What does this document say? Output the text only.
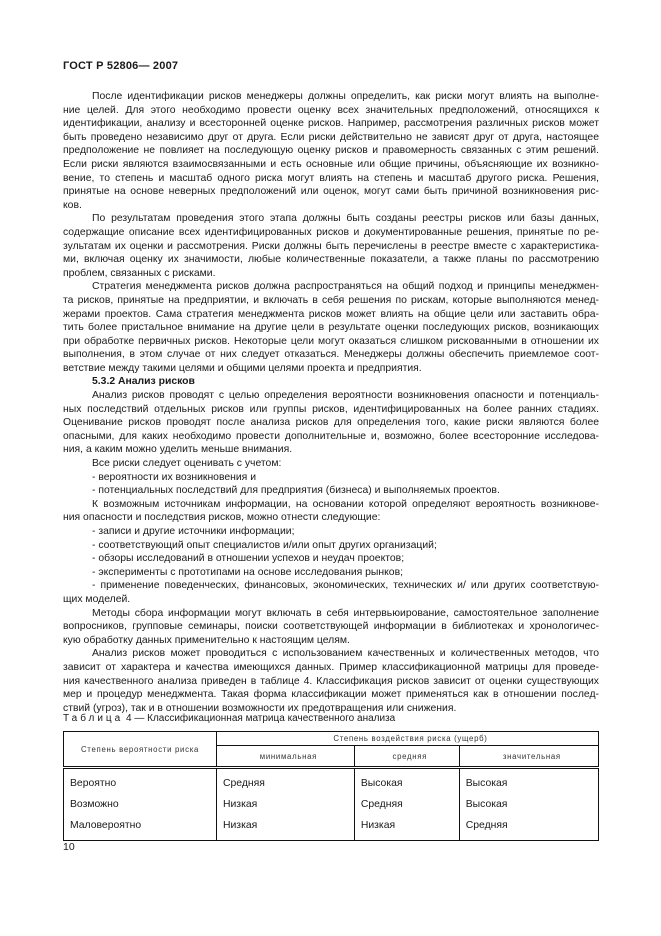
ГОСТ Р 52806— 2007
После идентификации рисков менеджеры должны определить, как риски могут влиять на выполне-
ние целей. Для этого необходимо провести оценку всех значительных предположений, относящихся к
идентификации, анализу и всесторонней оценке рисков. Например, рассмотрения различных рисков может
быть проведено независимо друг от друга. Если риски действительно не зависят друг от друга, настоящее
предположение не повлияет на последующую оценку рисков и правомерность связанных с этим решений.
Если риски являются взаимосвязанными и есть основные или общие причины, объясняющие их возникно-
вение, то степень и масштаб одного риска могут влиять на степень и масштаб другого риска. Решения,
принятые на основе неверных предположений или оценок, могут сами быть причиной возникновения рис-
ков.
По результатам проведения этого этапа должны быть созданы реестры рисков или базы данных,
содержащие описание всех идентифицированных рисков и документированные решения, принятые по ре-
зультатам их оценки и рассмотрения. Риски должны быть перечислены в реестре вместе с характеристика-
ми, включая оценку их значимости, любые количественные показатели, а также планы по рассмотрению
проблем, связанных с рисками.
Стратегия менеджмента рисков должна распространяться на общий подход и принципы менеджмен-
та рисков, принятые на предприятии, и включать в себя решения по рискам, которые выполняются менед-
жерами проектов. Сама стратегия менеджмента рисков может влиять на общие цели или заставить обра-
тить более пристальное внимание на другие цели в результате оценки последующих рисков, возникающих
при обработке первичных рисков. Некоторые цели могут оказаться слишком рискованными в отношении их
выполнения, в этом случае от них следует отказаться. Менеджеры должны обеспечить приемлемое соот-
ветствие между такими целями и общими целями проекта и предприятия.
5.3.2 Анализ рисков
Анализ рисков проводят с целью определения вероятности возникновения опасности и потенциаль-
ных последствий отдельных рисков или группы рисков, идентифицированных на более ранних стадиях.
Оценивание рисков проводят после анализа рисков для определения того, какие риски являются более
опасными, для каких необходимо провести дополнительные и, возможно, более всесторонние исследова-
ния, а каким можно уделить меньше внимания.
Все риски следует оценивать с учетом:
- вероятности их возникновения и
- потенциальных последствий для предприятия (бизнеса) и выполняемых проектов.
К возможным источникам информации, на основании которой определяют вероятность возникнове-
ния опасности и последствия рисков, можно отнести следующие:
- записи и другие источники информации;
- соответствующий опыт специалистов и/или опыт других организаций;
- обзоры исследований в отношении успехов и неудач проектов;
- эксперименты с прототипами на основе исследования рынков;
- применение поведенческих, финансовых, экономических, технических и/ или других соответствую-
щих моделей.
Методы сбора информации могут включать в себя интервьюирование, самостоятельное заполнение
вопросников, групповые семинары, поиски соответствующей информации в библиотеках и хронологичес-
кую обработку данных применительно к настоящим целям.
Анализ рисков может проводиться с использованием качественных и количественных методов, что
зависит от характера и качества имеющихся данных. Пример классификационной матрицы для проведе-
ния качественного анализа приведен в таблице 4. Классификация рисков зависит от оценки существующих
мер и процедур менеджмента. Такая форма классификации может применяться как в отношении послед-
ствий (угроз), так и в отношении возможности их предотвращения или снижения.
Таблица 4 — Классификационная матрица качественного анализа
Степень вероятности риска	Степень воздействия риска (ущерб)		
	минимальная	средняя	значительная
Вероятно	Средняя	Высокая	Высокая
Возможно	Низкая	Средняя	Высокая
Маловероятно	Низкая	Низкая	Средняя
10
